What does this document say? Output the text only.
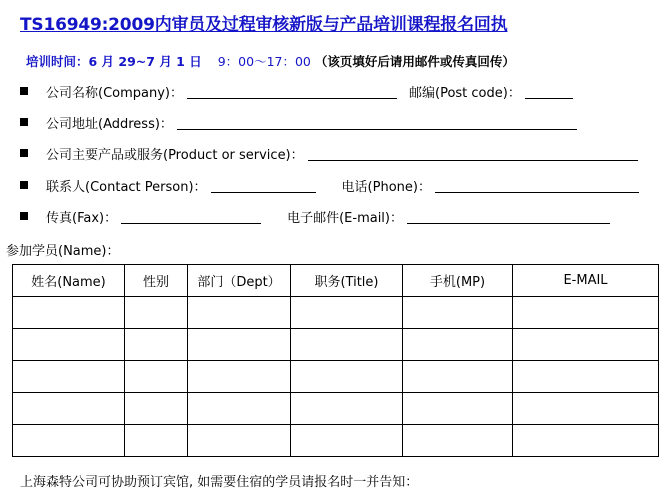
TS16949:2009内审员及过程审核新版与产品培训课程报名回执
培训时间：6 月 29~7 月 1 日 9：00～17：00 （该页填好后请用邮件或传真回传）
公司名称(Company)：	邮编(Post code)：
公司地址(Address)：
公司主要产品或服务(Product or service)：
联系人(Contact Person)：	电话(Phone)：
传真(Fax)：	电子邮件(E-mail)：
参加学员(Name)：
姓名(Name)	性别	部门（Dept）	职务(Title)	手机(MP)	E-MAIL

上海森特公司可协助预订宾馆, 如需要住宿的学员请报名时一并告知：
